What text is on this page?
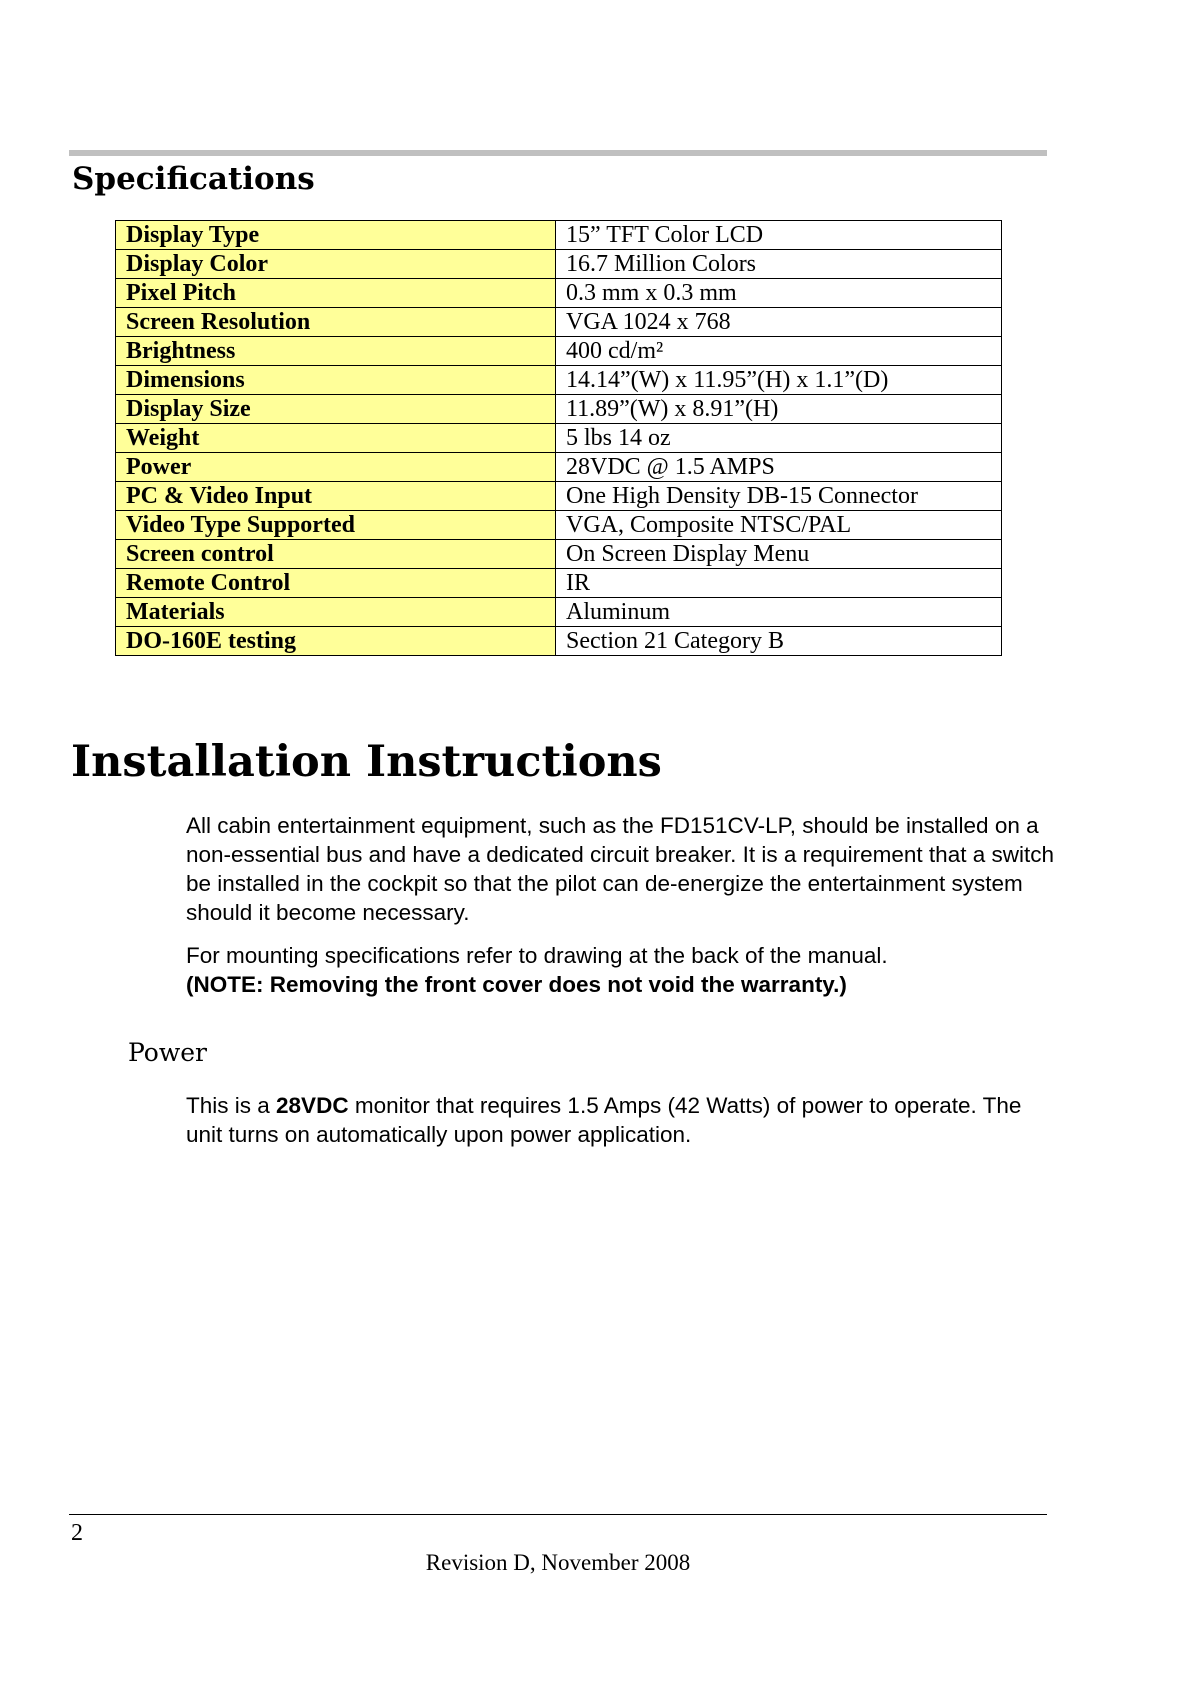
Specifications
Display Type	15” TFT Color LCD
Display Color	16.7 Million Colors
Pixel Pitch	0.3 mm x 0.3 mm
Screen Resolution	VGA 1024 x 768
Brightness	400 cd/m²
Dimensions	14.14”(W) x 11.95”(H) x 1.1”(D)
Display Size	11.89”(W) x 8.91”(H)
Weight	5 lbs 14 oz
Power	28VDC @ 1.5 AMPS
PC & Video Input	One High Density DB-15 Connector
Video Type Supported	VGA, Composite NTSC/PAL
Screen control	On Screen Display Menu
Remote Control	IR
Materials	Aluminum
DO-160E testing	Section 21 Category B
Installation Instructions

All cabin entertainment equipment, such as the FD151CV-LP, should be installed on a non-essential bus and have a dedicated circuit breaker. It is a requirement that a switch be installed in the cockpit so that the pilot can de-energize the entertainment system should it become necessary.

For mounting specifications refer to drawing at the back of the manual.
(NOTE: Removing the front cover does not void the warranty.)

Power

This is a 28VDC monitor that requires 1.5 Amps (42 Watts) of power to operate. The unit turns on automatically upon power application.

2
Revision D, November 2008
